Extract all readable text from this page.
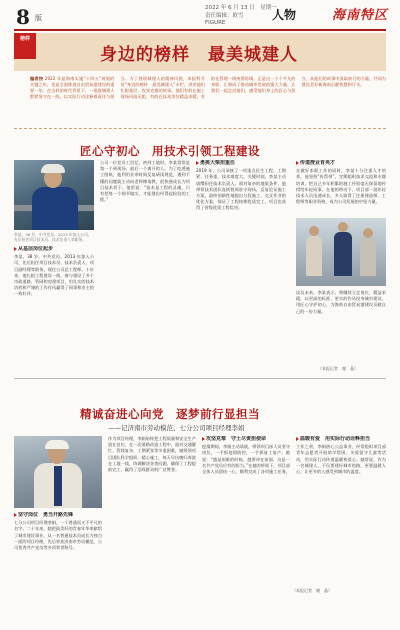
8 版
2022 年 6 月 13 日　星期一
责任编辑：欧雪
FIGURE
人物	海南特区
榜样
身边的榜样　最美城建人
编者按 2022 年是海南实施“十四五”规划的关键之年，也是全面推进自由贸易港建设的重要一年。在这样的时代背景下，一批批城建人默默坚守在一线，以实际行动诠释着责任与担当。为了展现城建人的精神风貌，本报特开设“身边的榜样　最美城建人”专栏，讲述他们扎根基层、攻坚克难的故事。他们有的在施工现场风雨无阻，有的在技术岗位精益求精，有的在管理一线统筹协调。正是这一个个平凡的身影，汇聚成了推动城市发展的强大力量。让我们一起走近他们，感受他们身上的匠心与担当，从他们的故事中汲取前行的力量，共同为建设美好新海南贡献智慧和汗水。
匠心守初心　用技术引领工程建设
李某，38 岁，中共党员，2013 年加入公司，先后担任项目技术员、技术负责人等职务。
从基层岗位起步

李某，38 岁，中共党员。2013 年加入公司，先后担任项目技术员、技术负责人、项目副经理等职务，现任公司总工程师。十年来，他扎根工程建设一线，参与建设了多个市政道路、管网和房建项目，用扎实的技术功底和严谨的工作作风赢得了同事和业主的一致好评。

公司一位老员工回忆，初到工地时，李某常常是第一个到现场、最后一个离开的人。为了吃透施工图纸，他利用业余时间反复研读规范，遇到不懂的问题就主动向老师傅请教，很快便成长为项目技术骨干。他常说：“技术是工程的灵魂，只有把每一个细节做实，才能建出经得起检验的工程。”

勇挑大梁担重任

2019 年，公司承接了一项重点民生工程，工期紧、任务重、技术难度大。关键时刻，李某主动请缨担任技术负责人。面对复杂的地质条件，他带领技术团队连续数周驻守现场，反复论证施工方案，最终创新性地提出分段施工、交叉作业的优化方案，保证了工程按期优质完工，项目也获得了省级优质工程奖项。

传道授业育英才

在做好本职工作的同时，李某十分注重人才培养。他坚持“传帮带”，定期组织技术交流和专题培训，把自己多年积累的施工经验毫无保留地传授给年轻同事。在他的带动下，项目部一批年轻技术人员迅速成长，多人取得了注册建造师、工程师等职业资格，成为公司发展的中坚力量。

谈及未来，李某表示，将继续立足岗位、精益求精，以更高的标准、更实的作风投身城市建设，用匠心守护初心，为海南自由贸易港建设贡献自己的一份力量。

（本报记者　谢　晶）
精诚奋进心向党　逐梦前行显担当
——记济南市劳动模范、七分公司项目经理李娟
坚守岗位　勇当开路先锋

七分公司项目经理李娟，一个普通而又不平凡的名字。二十年来，她把最美好的青春年华奉献给了城市建设事业，从一名普通技术员成长为独当一面的项目经理，先后荣获济南市劳动模范、公司优秀共产党员等多项荣誉称号。

作为项目经理，李娟始终把工程质量和安全生产放在首位。在一次道路改造工程中，面对交通繁忙、管线复杂、工期紧张等多重困难，她带领项目团队科学组织、精心施工，每天早出晚归奔波在工地一线，协调解决各类问题，确保了工程提前完工，赢得了沿线群众的广泛赞誉。

攻坚克难　守土尽责担使命

疫情期间，李娟主动请战，带领项目部人员坚守岗位，一手抓疫情防控，一手抓复工复产。她说：“越是困难的时候，越要冲在前面，这是一名共产党员应有的担当。”在她的带领下，项目部全体人员团结一心，顺利完成了各项施工任务。

温暖有爱　用实际行动诠释担当

工作之余，李娟热心公益事业，经常组织项目部青年志愿者开展助学帮困、关爱留守儿童等活动，用实际行动传递温暖和爱心。她常说，作为一名城建人，不仅要建好城市的路，更要温暖人心，让更多的人感受到城市的温度。

（本报记者　谢　晶）
